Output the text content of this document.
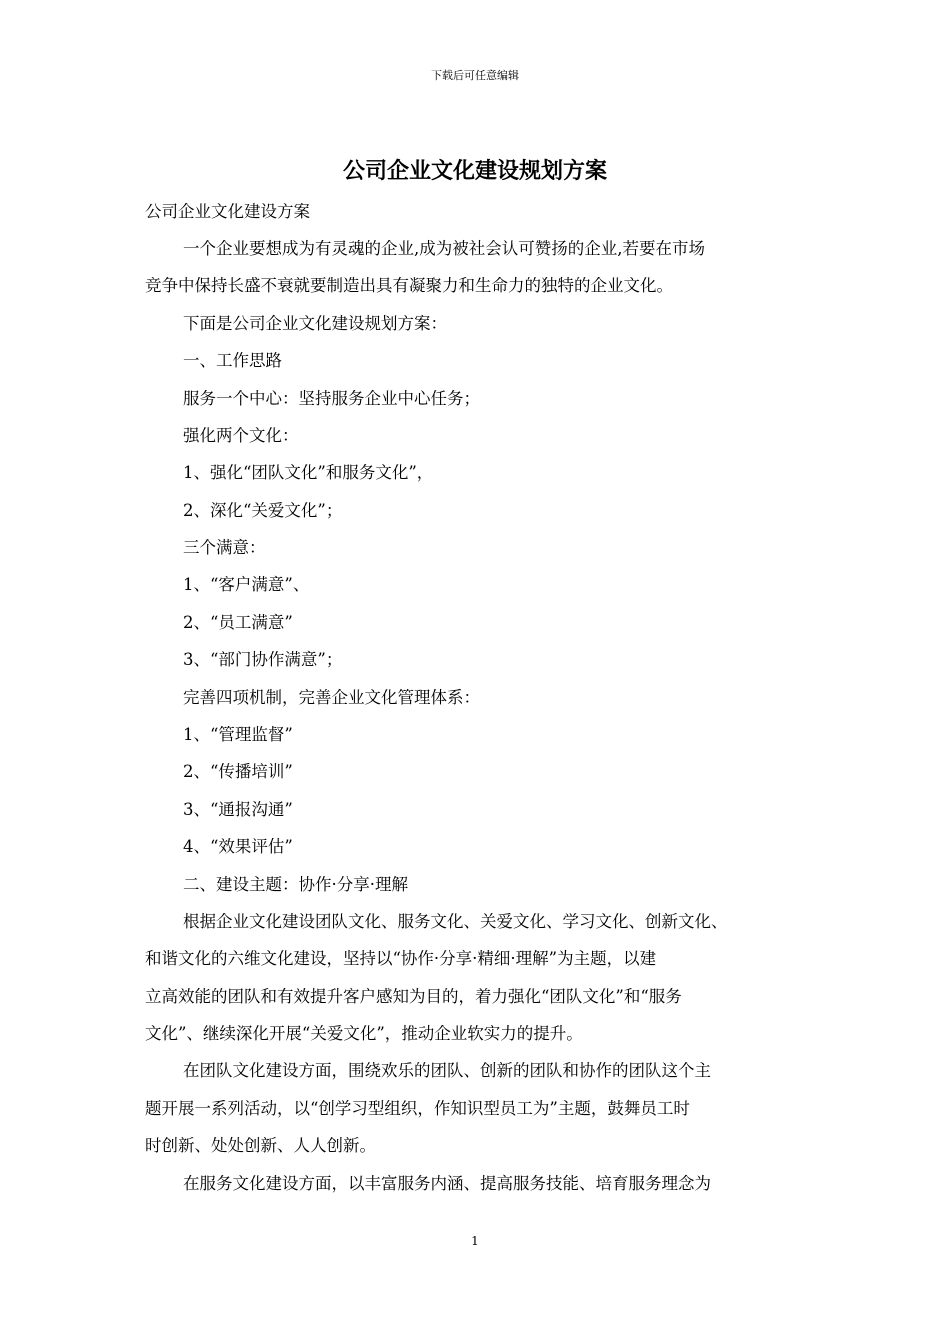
下载后可任意编辑
公司企业文化建设规划方案
公司企业文化建设方案
一个企业要想成为有灵魂的企业,成为被社会认可赞扬的企业,若要在市场
竞争中保持长盛不衰就要制造出具有凝聚力和生命力的独特的企业文化。
下面是公司企业文化建设规划方案：
一、工作思路
服务一个中心：坚持服务企业中心任务；
强化两个文化：
1、强化“团队文化”和服务文化”，
2、深化“关爱文化”；
三个满意：
1、“客户满意”、
2、“员工满意”
3、“部门协作满意”；
完善四项机制，完善企业文化管理体系：
1、“管理监督”
2、“传播培训”
3、“通报沟通”
4、“效果评估”
二、建设主题：协作·分享·理解
根据企业文化建设团队文化、服务文化、关爱文化、学习文化、创新文化、
和谐文化的六维文化建设，坚持以“协作·分享·精细·理解”为主题，以建
立高效能的团队和有效提升客户感知为目的，着力强化“团队文化”和“服务
文化”、继续深化开展“关爱文化”，推动企业软实力的提升。
在团队文化建设方面，围绕欢乐的团队、创新的团队和协作的团队这个主
题开展一系列活动，以“创学习型组织，作知识型员工为”主题，鼓舞员工时
时创新、处处创新、人人创新。
在服务文化建设方面，以丰富服务内涵、提高服务技能、培育服务理念为
1
